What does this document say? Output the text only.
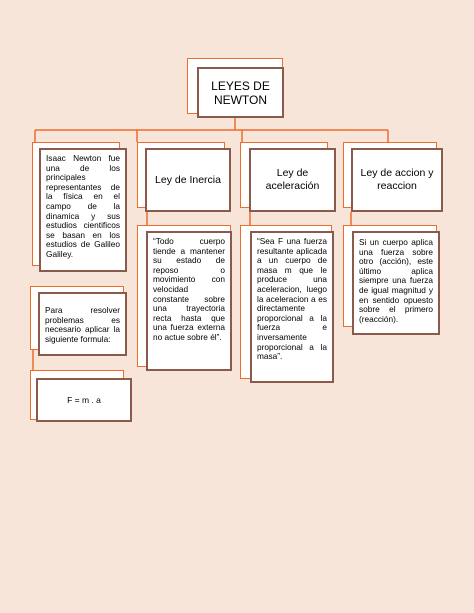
LEYES DE NEWTON
Isaac Newton fue una de los principales representantes de la física en el campo de la dinamica y sus estudios cientificos se basan en los estudios de Galileo Galiley.
Para resolver problemas es necesario aplicar la siguiente formula:
F = m . a
Ley de Inercia
“Todo cuerpo tiende a mantener su estado de reposo o movimiento con velocidad constante sobre una trayectoria recta hasta que una fuerza externa no actue sobre él”.
Ley de aceleración
“Sea F una fuerza resultante aplicada a un cuerpo de masa m que le produce una aceleracion, luego la aceleracion a es directamente proporcional a la fuerza e inversamente proporcional a la masa”.
Ley de accion y reaccion
Si un cuerpo aplica una fuerza sobre otro (acción), este último aplica siempre una fuerza de igual magnitud y en sentido opuesto sobre el primero (reacción).
